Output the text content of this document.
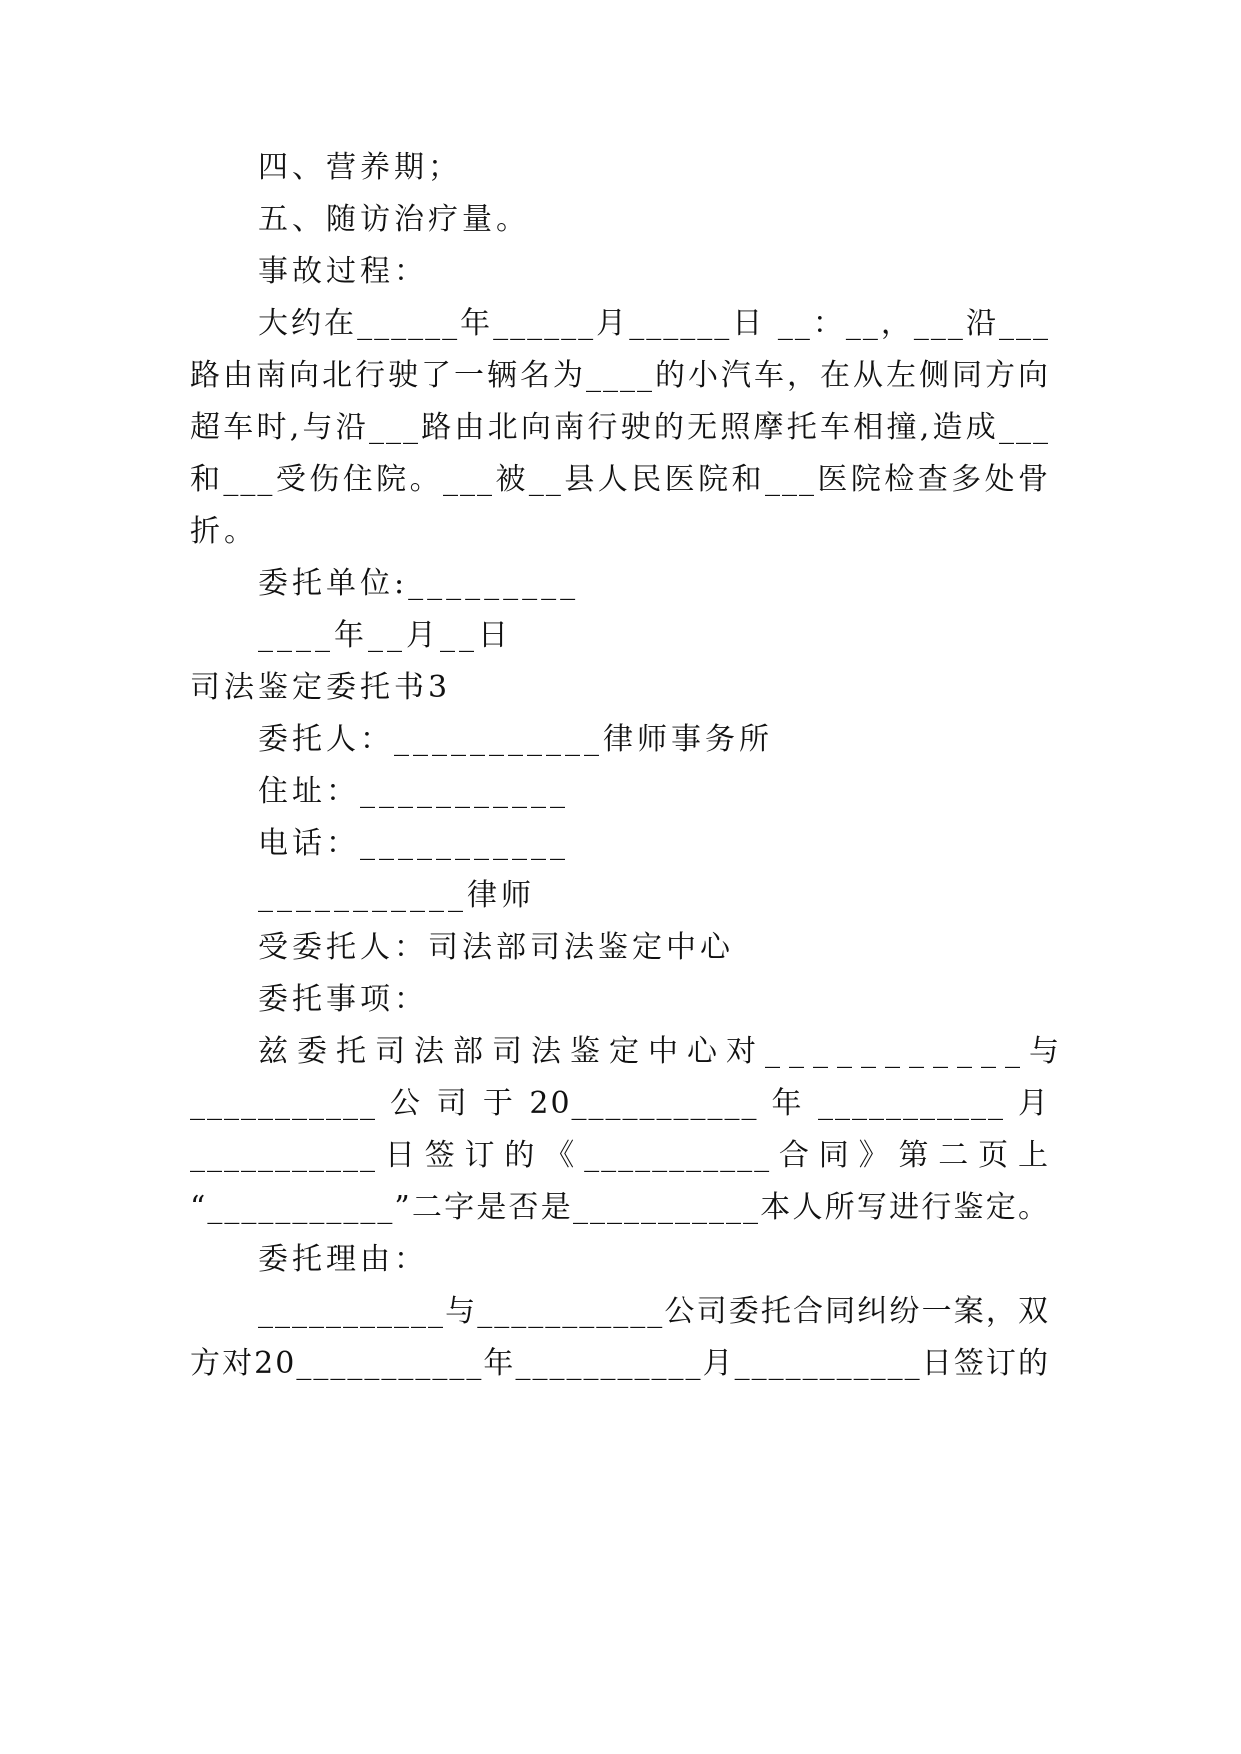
四、营养期；
五、随访治疗量。
事故过程：
大约在______年______月______日 __：__，___沿___
路由南向北行驶了一辆名为____的小汽车，在从左侧同方向
超车时,与沿___路由北向南行驶的无照摩托车相撞,造成___
和___受伤住院。___被__县人民医院和___医院检查多处骨
折。
委托单位:_________
____年__月__日
司法鉴定委托书3
委托人：___________律师事务所
住址：___________
电话：___________
___________律师
受委托人：司法部司法鉴定中心
委托事项：
兹委托司法部司法鉴定中心对___________与
___________ 公 司 于 20___________ 年 ___________ 月
___________日签订的《___________合同》第二页上
“___________”二字是否是___________本人所写进行鉴定。
委托理由：
___________与___________公司委托合同纠纷一案，双
方对20___________年___________月___________日签订的
